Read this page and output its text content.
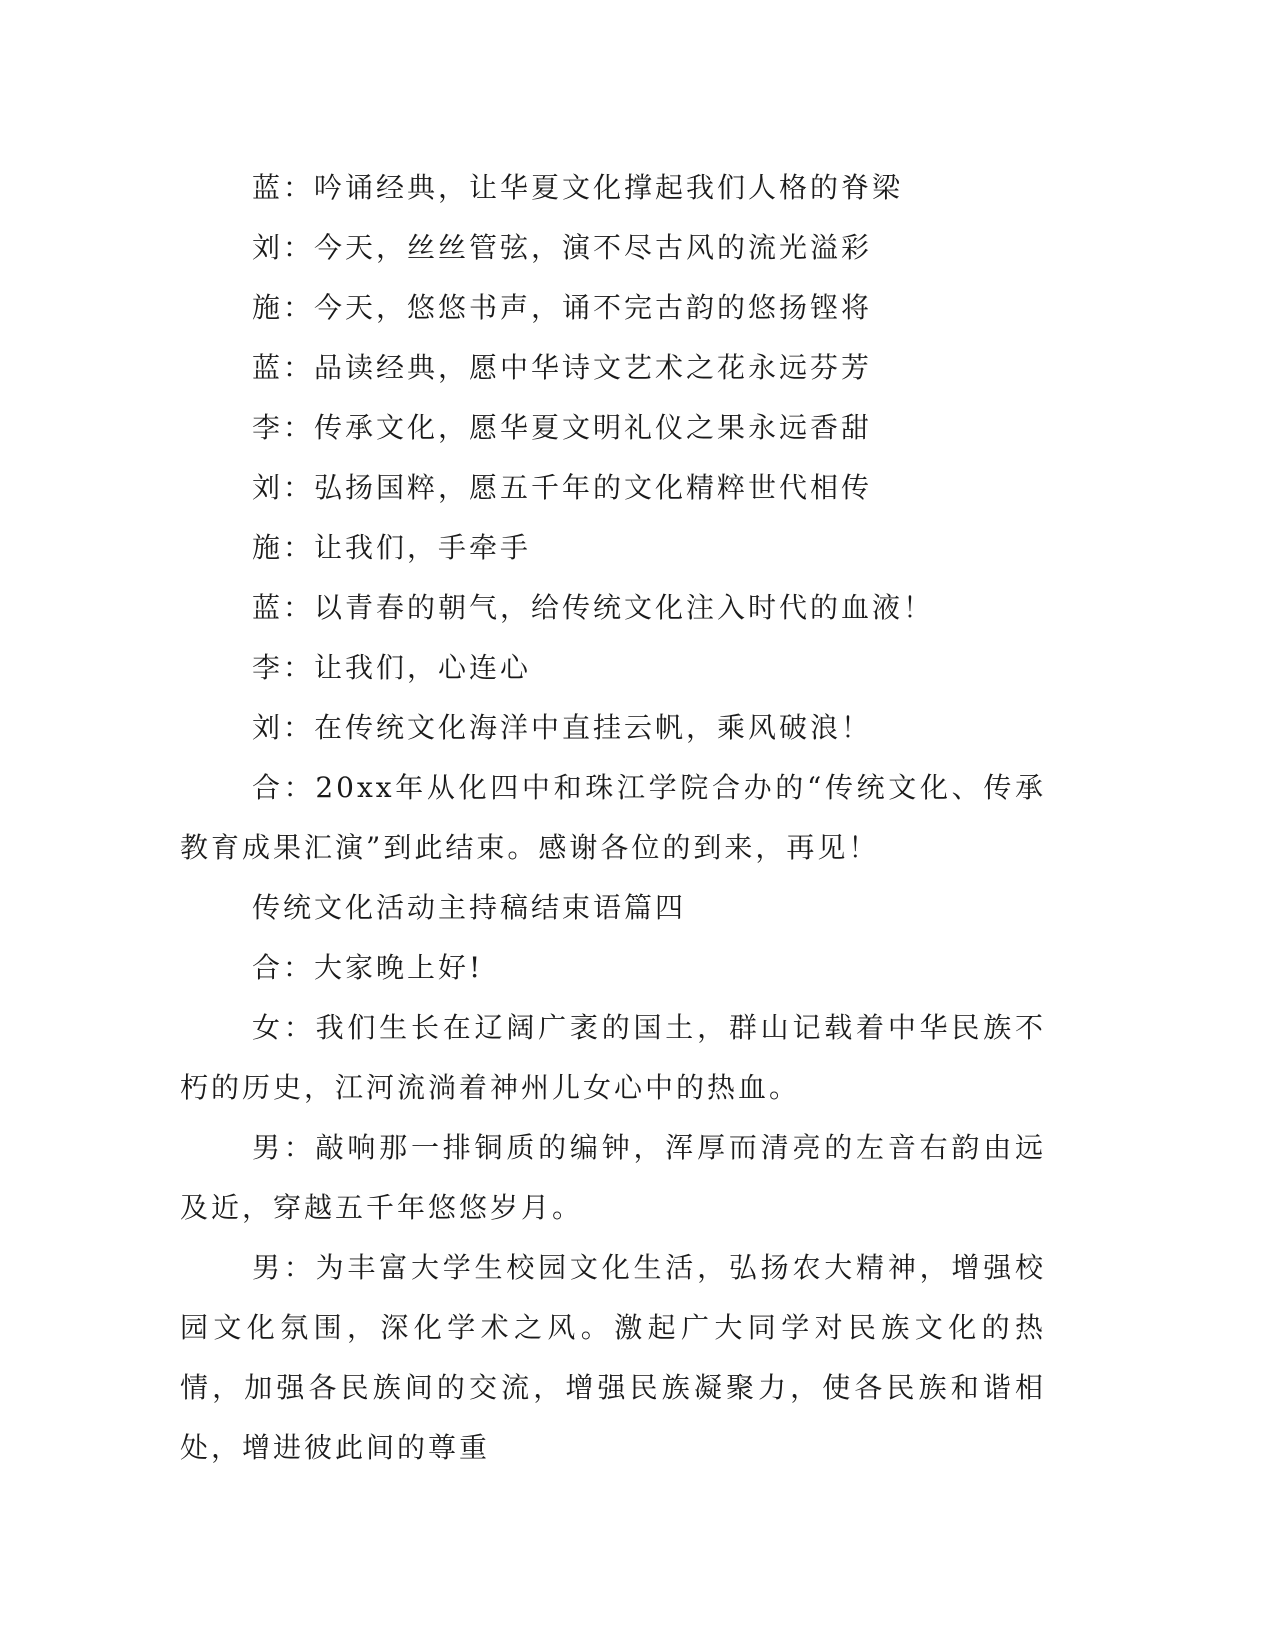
蓝：吟诵经典，让华夏文化撑起我们人格的脊梁

刘：今天，丝丝管弦，演不尽古风的流光溢彩

施：今天，悠悠书声，诵不完古韵的悠扬铿将

蓝：品读经典，愿中华诗文艺术之花永远芬芳

李：传承文化，愿华夏文明礼仪之果永远香甜

刘：弘扬国粹，愿五千年的文化精粹世代相传

施：让我们，手牵手

蓝：以青春的朝气，给传统文化注入时代的血液！

李：让我们，心连心

刘：在传统文化海洋中直挂云帆，乘风破浪！

合：20xx年从化四中和珠江学院合办的“传统文化、传承教育成果汇演”到此结束。感谢各位的到来，再见！

传统文化活动主持稿结束语篇四

合：大家晚上好!

女：我们生长在辽阔广袤的国土，群山记载着中华民族不朽的历史，江河流淌着神州儿女心中的热血。

男：敲响那一排铜质的编钟，浑厚而清亮的左音右韵由远及近，穿越五千年悠悠岁月。

男：为丰富大学生校园文化生活，弘扬农大精神，增强校园文化氛围，深化学术之风。激起广大同学对民族文化的热情，加强各民族间的交流，增强民族凝聚力，使各民族和谐相处，增进彼此间的尊重
